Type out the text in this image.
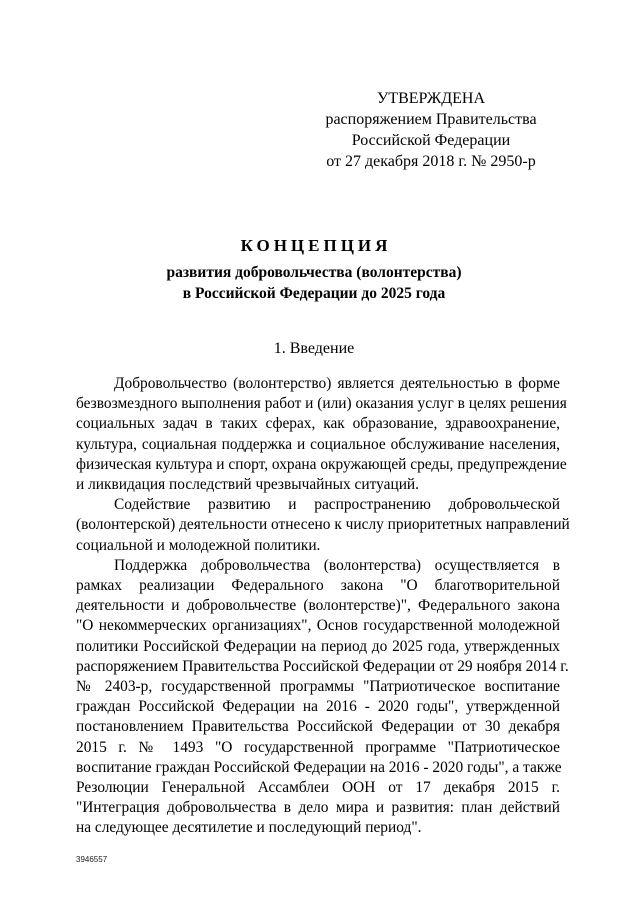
УТВЕРЖДЕНА
распоряжением Правительства
Российской Федерации
от 27 декабря 2018 г. № 2950-р
КОНЦЕПЦИЯ
развития добровольчества (волонтерства)
в Российской Федерации до 2025 года
1. Введение

Добровольчество (волонтерство) является деятельностью в форме
безвозмездного выполнения работ и (или) оказания услуг в целях решения
социальных задач в таких сферах, как образование, здравоохранение,
культура, социальная поддержка и социальное обслуживание населения,
физическая культура и спорт, охрана окружающей среды, предупреждение
и ликвидация последствий чрезвычайных ситуаций.

Содействие развитию и распространению добровольческой
(волонтерской) деятельности отнесено к числу приоритетных направлений
социальной и молодежной политики.

Поддержка добровольчества (волонтерства) осуществляется в
рамках реализации Федерального закона "О благотворительной
деятельности и добровольчестве (волонтерстве)", Федерального закона
"О некоммерческих организациях", Основ государственной молодежной
политики Российской Федерации на период до 2025 года, утвержденных
распоряжением Правительства Российской Федерации от 29 ноября 2014 г.
№ 2403-р, государственной программы "Патриотическое воспитание
граждан Российской Федерации на 2016 - 2020 годы", утвержденной
постановлением Правительства Российской Федерации от 30 декабря
2015 г. № 1493 "О государственной программе "Патриотическое
воспитание граждан Российской Федерации на 2016 - 2020 годы", а также
Резолюции Генеральной Ассамблеи ООН от 17 декабря 2015 г.
"Интеграция добровольчества в дело мира и развития: план действий
на следующее десятилетие и последующий период".

3946557
